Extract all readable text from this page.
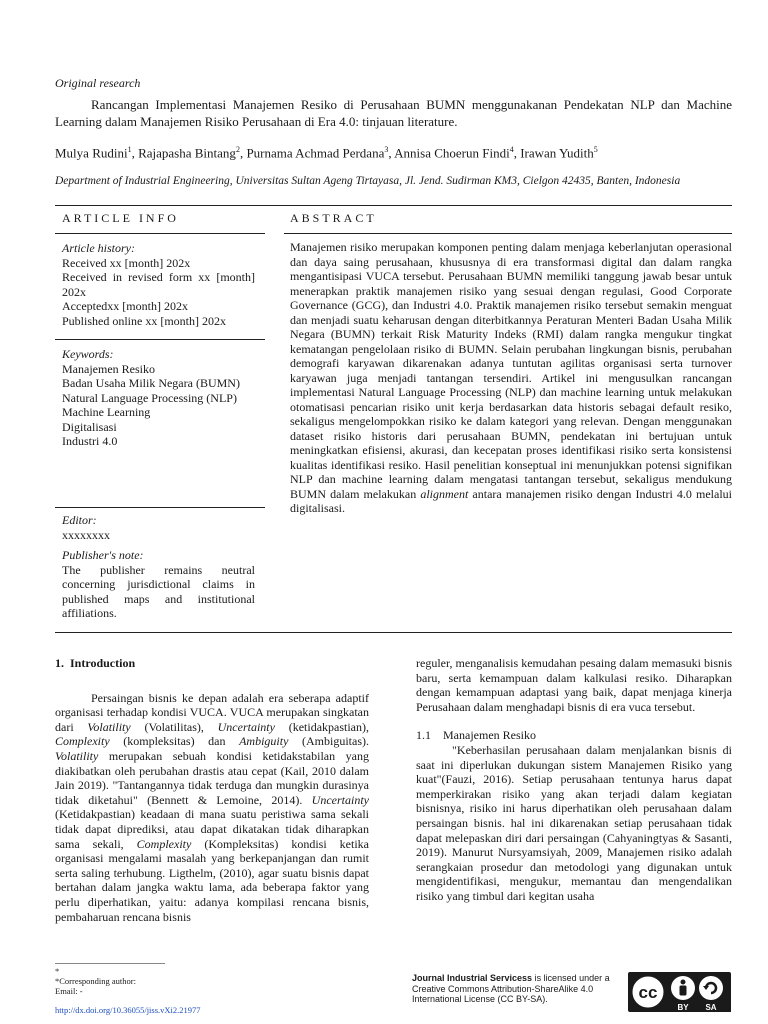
Original research
Rancangan Implementasi Manajemen Resiko di Perusahaan BUMN menggunakanan Pendekatan NLP dan Machine Learning dalam Manajemen Risiko Perusahaan di Era 4.0: tinjauan literature.
Mulya Rudini$^1$, Rajapasha Bintang$^2$, Purnama Achmad Perdana$^3$, Annisa Choerun Findi$^4$, Irawan Yudith$^5$
Department of Industrial Engineering, Universitas Sultan Ageng Tirtayasa, Jl. Jend. Sudirman KM3, Cielgon 42435, Banten, Indonesia
ARTICLE INFO	ABSTRACT
Article history:
Received xx [month] 202x
Received in revised form xx [month] 202x
Acceptedxx [month] 202x
Published online xx [month] 202x
Keywords:
Manajemen Resiko
Badan Usaha Milik Negara (BUMN)
Natural Language Processing (NLP)
Machine Learning
Digitalisasi
Industri 4.0
Editor:
xxxxxxxx
Publisher's note:
The publisher remains neutral concerning jurisdictional claims in published maps and institutional affiliations.
Manajemen risiko merupakan komponen penting dalam menjaga keberlanjutan operasional dan daya saing perusahaan, khususnya di era transformasi digital dan dalam rangka mengantisipasi VUCA tersebut. Perusahaan BUMN memiliki tanggung jawab besar untuk menerapkan praktik manajemen risiko yang sesuai dengan regulasi, Good Corporate Governance (GCG), dan Industri 4.0. Praktik manajemen risiko tersebut semakin menguat dan menjadi suatu keharusan dengan diterbitkannya Peraturan Menteri Badan Usaha Milik Negara (BUMN) terkait Risk Maturity Indeks (RMI) dalam rangka mengukur tingkat kematangan pengelolaan risiko di BUMN. Selain perubahan lingkungan bisnis, perubahan demografi karyawan dikarenakan adanya tuntutan agilitas organisasi serta turnover karyawan juga menjadi tantangan tersendiri. Artikel ini mengusulkan rancangan implementasi Natural Language Processing (NLP) dan machine learning untuk melakukan otomatisasi pencarian risiko unit kerja berdasarkan data historis sebagai default resiko, sekaligus mengelompokkan risiko ke dalam kategori yang relevan. Dengan menggunakan dataset risiko historis dari perusahaan BUMN, pendekatan ini bertujuan untuk meningkatkan efisiensi, akurasi, dan kecepatan proses identifikasi risiko serta konsistensi kualitas identifikasi resiko. Hasil penelitian konseptual ini menunjukkan potensi signifikan NLP dan machine learning dalam mengatasi tantangan tersebut, sekaligus mendukung BUMN dalam melakukan alignment antara manajemen risiko dengan Industri 4.0 melalui digitalisasi.

1. Introduction

Persaingan bisnis ke depan adalah era seberapa adaptif organisasi terhadap kondisi VUCA. VUCA merupakan singkatan dari Volatility (Volatilitas), Uncertainty (ketidakpastian), Complexity (kompleksitas) dan Ambiguity (Ambiguitas). Volatility merupakan sebuah kondisi ketidakstabilan yang diakibatkan oleh perubahan drastis atau cepat (Kail, 2010 dalam Jain 2019). "Tantangannya tidak terduga dan mungkin durasinya tidak diketahui" (Bennett & Lemoine, 2014). Uncertainty (Ketidakpastian) keadaan di mana suatu peristiwa sama sekali tidak dapat diprediksi, atau dapat dikatakan tidak diharapkan sama sekali, Complexity (Kompleksitas) kondisi ketika organisasi mengalami masalah yang berkepanjangan dan rumit serta saling terhubung. Ligthelm, (2010), agar suatu bisnis dapat bertahan dalam jangka waktu lama, ada beberapa faktor yang perlu diperhatikan, yaitu: adanya kompilasi rencana bisnis, pembaharuan rencana bisnis

reguler, menganalisis kemudahan pesaing dalam memasuki bisnis baru, serta kemampuan dalam kalkulasi resiko. Diharapkan dengan kemampuan adaptasi yang baik, dapat menjaga kinerja Perusahaan dalam menghadapi bisnis di era vuca tersebut.

1.1 Manajemen Resiko

"Keberhasilan perusahaan dalam menjalankan bisnis di saat ini diperlukan dukungan sistem Manajemen Risiko yang kuat"(Fauzi, 2016). Setiap perusahaan tentunya harus dapat memperkirakan risiko yang akan terjadi dalam kegiatan bisnisnya, risiko ini harus diperhatikan oleh perusahaan dalam persaingan bisnis. hal ini dikarenakan setiap perusahaan tidak dapat melepaskan diri dari persaingan (Cahyaningtyas & Sasanti, 2019). Manurut Nursyamsiyah, 2009, Manajemen risiko adalah serangkaian prosedur dan metodologi yang digunakan untuk mengidentifikasi, mengukur, memantau dan mengendalikan risiko yang timbul dari kegitan usaha

*
*Corresponding author:
Email: -
http://dx.doi.org/10.36055/jiss.vXi2.21977
Journal Industrial Servicess is licensed under a Creative Commons Attribution-ShareAlike 4.0 International License (CC BY-SA).	cc
BY SA
